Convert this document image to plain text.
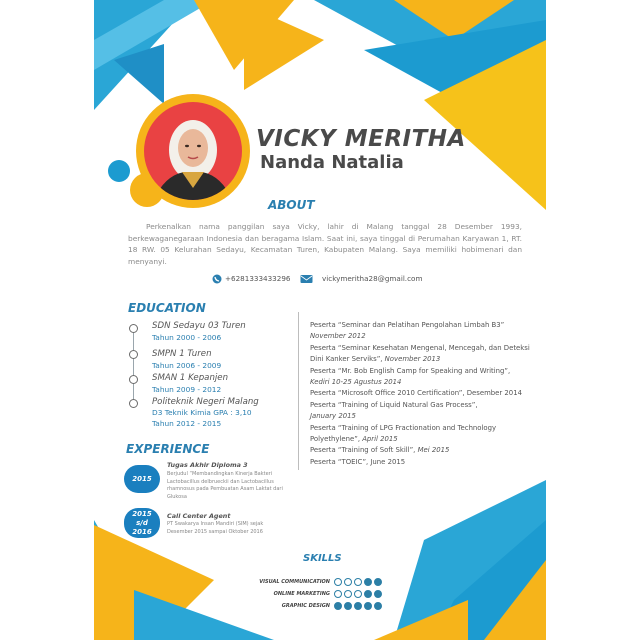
VICKY MERITHA
Nanda Natalia
ABOUT

Perkenalkan nama panggilan saya Vicky, lahir di Malang tanggal 28 Desember 1993, berkewaganegaraan Indonesia dan beragama Islam. Saat ini, saya tinggal di Perumahan Karyawan 1, RT. 18 RW. 05 Kelurahan Sedayu, Kecamatan Turen, Kabupaten Malang. Saya memiliki hobimenari dan menyanyi.

+6281333433296	vickymeritha28@gmail.com
EDUCATION
SDN Sedayu 03 Turen
Tahun 2000 - 2006
SMPN 1 Turen
Tahun 2006 - 2009
SMAN 1 Kepanjen
Tahun 2009 - 2012
Politeknik Negeri Malang
D3 Teknik Kimia GPA : 3,10
Tahun 2012 - 2015
Peserta “Seminar dan Pelatihan Pengolahan Limbah B3”
November 2012
Peserta “Seminar Kesehatan Mengenal, Mencegah, dan Deteksi Dini Kanker Serviks”, November 2013
Peserta “Mr. Bob English Camp for Speaking and Writing”,
Kediri 10-25 Agustus 2014
Peserta “Microsoft Office 2010 Certification”, Desember 2014
Peserta “Training of Liquid Natural Gas Process”,
January 2015
Peserta “Training of LPG Fractionation and Technology Polyethylene”, April 2015
Peserta “Training of Soft Skill”, Mei 2015
Peserta “TOEIC”, June 2015
EXPERIENCE
2015
Tugas Akhir Diploma 3

Berjudul “Membandingkan Kinerja Bakteri Lactobacillus delbrueckii dan Lactobacillus rhamnosus pada Pembuatan Asam Laktat dari Glukosa

2015
s/d
2016
Call Center Agent

PT Swakarya Insan Mandiri (SIM) sejak Desember 2015 sampai Oktober 2016

SKILLS
VISUAL COMMUNICATION
ONLINE MARKETING
GRAPHIC DESIGN
